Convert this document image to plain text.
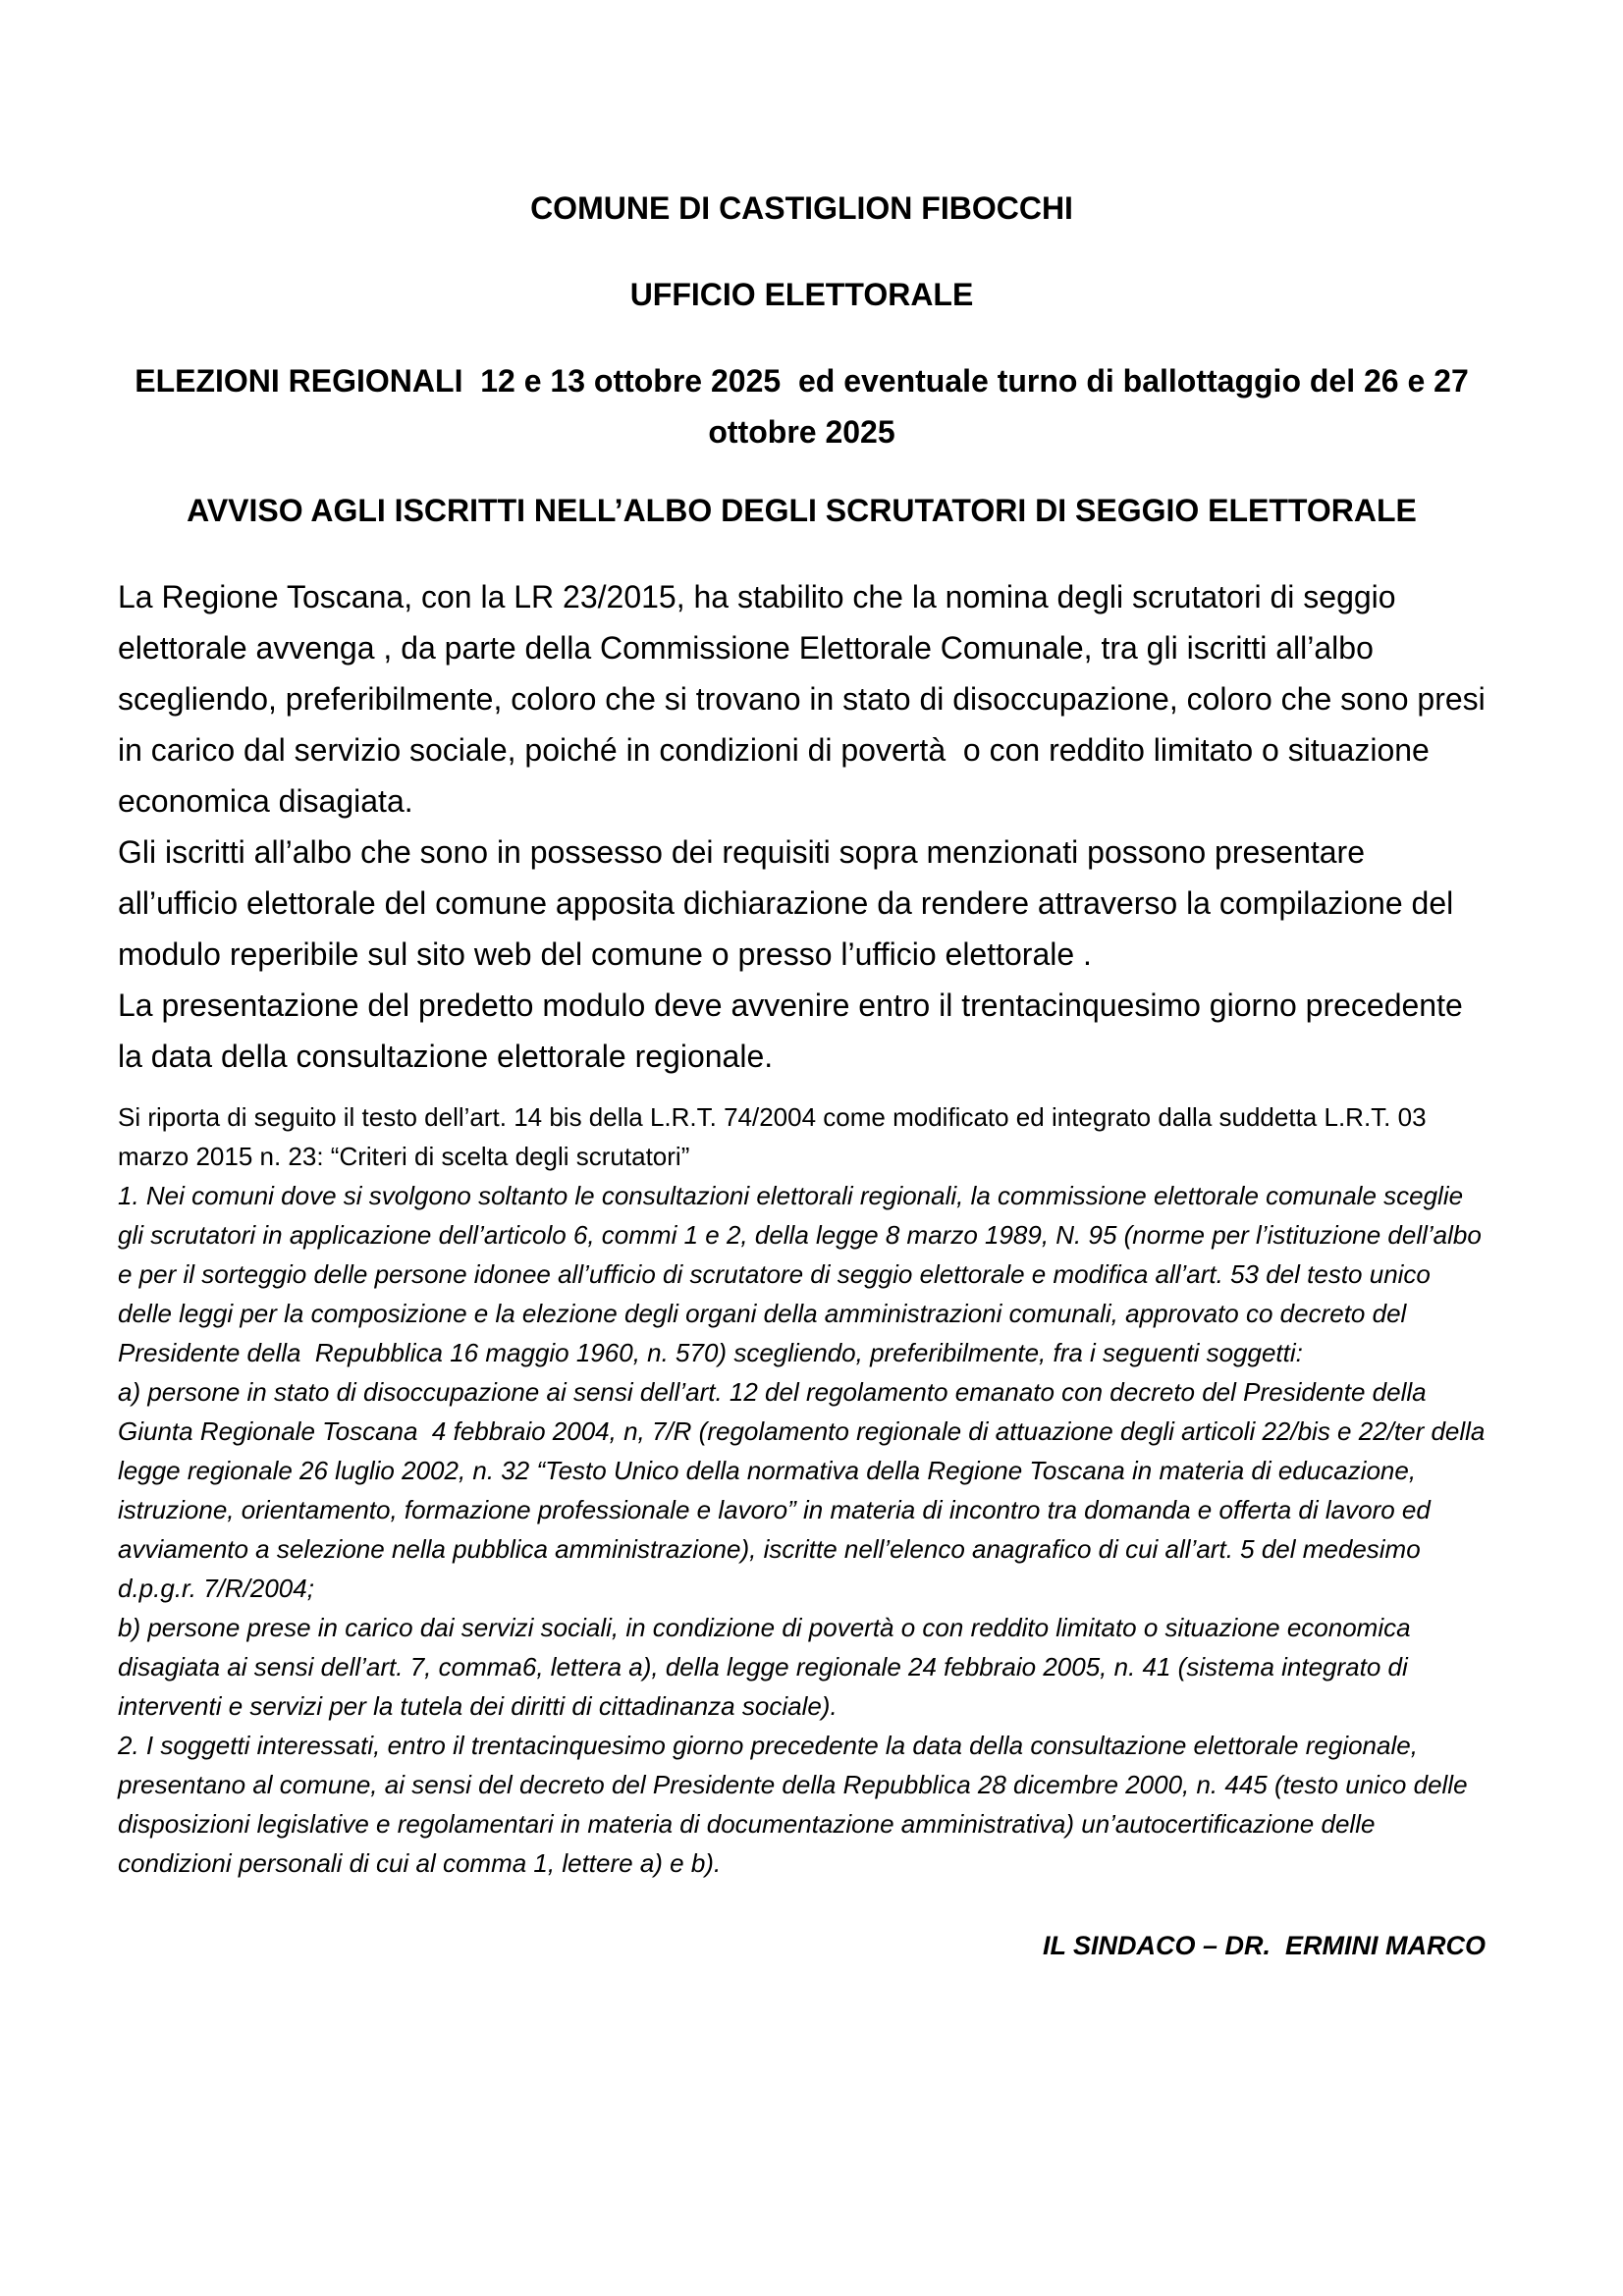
COMUNE DI CASTIGLION FIBOCCHI
UFFICIO ELETTORALE
ELEZIONI REGIONALI  12 e 13 ottobre 2025  ed eventuale turno di ballottaggio del 26 e 27 ottobre 2025
AVVISO AGLI ISCRITTI NELL’ALBO DEGLI SCRUTATORI DI SEGGIO ELETTORALE

La Regione Toscana, con la LR 23/2015, ha stabilito che la nomina degli scrutatori di seggio elettorale avvenga , da parte della Commissione Elettorale Comunale, tra gli iscritti all’albo scegliendo, preferibilmente, coloro che si trovano in stato di disoccupazione, coloro che sono presi in carico dal servizio sociale, poiché in condizioni di povertà  o con reddito limitato o situazione economica disagiata.

Gli iscritti all’albo che sono in possesso dei requisiti sopra menzionati possono presentare all’ufficio elettorale del comune apposita dichiarazione da rendere attraverso la compilazione del modulo reperibile sul sito web del comune o presso l’ufficio elettorale .

La presentazione del predetto modulo deve avvenire entro il trentacinquesimo giorno precedente la data della consultazione elettorale regionale.

Si riporta di seguito il testo dell’art. 14 bis della L.R.T. 74/2004 come modificato ed integrato dalla suddetta L.R.T. 03 marzo 2015 n. 23: “Criteri di scelta degli scrutatori”

1. Nei comuni dove si svolgono soltanto le consultazioni elettorali regionali, la commissione elettorale comunale sceglie gli scrutatori in applicazione dell’articolo 6, commi 1 e 2, della legge 8 marzo 1989, N. 95 (norme per l’istituzione dell’albo e per il sorteggio delle persone idonee all’ufficio di scrutatore di seggio elettorale e modifica all’art. 53 del testo unico delle leggi per la composizione e la elezione degli organi della amministrazioni comunali, approvato co decreto del Presidente della  Repubblica 16 maggio 1960, n. 570) scegliendo, preferibilmente, fra i seguenti soggetti:

a) persone in stato di disoccupazione ai sensi dell’art. 12 del regolamento emanato con decreto del Presidente della Giunta Regionale Toscana  4 febbraio 2004, n, 7/R (regolamento regionale di attuazione degli articoli 22/bis e 22/ter della legge regionale 26 luglio 2002, n. 32 “Testo Unico della normativa della Regione Toscana in materia di educazione, istruzione, orientamento, formazione professionale e lavoro” in materia di incontro tra domanda e offerta di lavoro ed avviamento a selezione nella pubblica amministrazione), iscritte nell’elenco anagrafico di cui all’art. 5 del medesimo d.p.g.r. 7/R/2004;

b) persone prese in carico dai servizi sociali, in condizione di povertà o con reddito limitato o situazione economica disagiata ai sensi dell’art. 7, comma6, lettera a), della legge regionale 24 febbraio 2005, n. 41 (sistema integrato di interventi e servizi per la tutela dei diritti di cittadinanza sociale).

2. I soggetti interessati, entro il trentacinquesimo giorno precedente la data della consultazione elettorale regionale, presentano al comune, ai sensi del decreto del Presidente della Repubblica 28 dicembre 2000, n. 445 (testo unico delle disposizioni legislative e regolamentari in materia di documentazione amministrativa) un’autocertificazione delle condizioni personali di cui al comma 1, lettere a) e b).

IL SINDACO – DR.  ERMINI MARCO
